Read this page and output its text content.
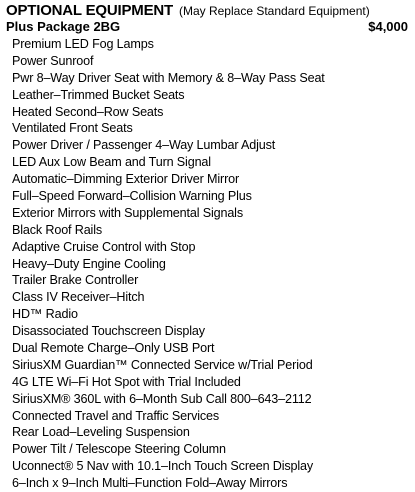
OPTIONAL EQUIPMENT (May Replace Standard Equipment)
Plus Package 2BG	$4,000
Premium LED Fog Lamps
Power Sunroof
Pwr 8–Way Driver Seat with Memory & 8–Way Pass Seat
Leather–Trimmed Bucket Seats
Heated Second–Row Seats
Ventilated Front Seats
Power Driver / Passenger 4–Way Lumbar Adjust
LED Aux Low Beam and Turn Signal
Automatic–Dimming Exterior Driver Mirror
Full–Speed Forward–Collision Warning Plus
Exterior Mirrors with Supplemental Signals
Black Roof Rails
Adaptive Cruise Control with Stop
Heavy–Duty Engine Cooling
Trailer Brake Controller
Class IV Receiver–Hitch
HD™ Radio
Disassociated Touchscreen Display
Dual Remote Charge–Only USB Port
SiriusXM Guardian™ Connected Service w/Trial Period
4G LTE Wi–Fi Hot Spot with Trial Included
SiriusXM® 360L with 6–Month Sub Call 800–643–2112
Connected Travel and Traffic Services
Rear Load–Leveling Suspension
Power Tilt / Telescope Steering Column
Uconnect® 5 Nav with 10.1–Inch Touch Screen Display
6–Inch x 9–Inch Multi–Function Fold–Away Mirrors
